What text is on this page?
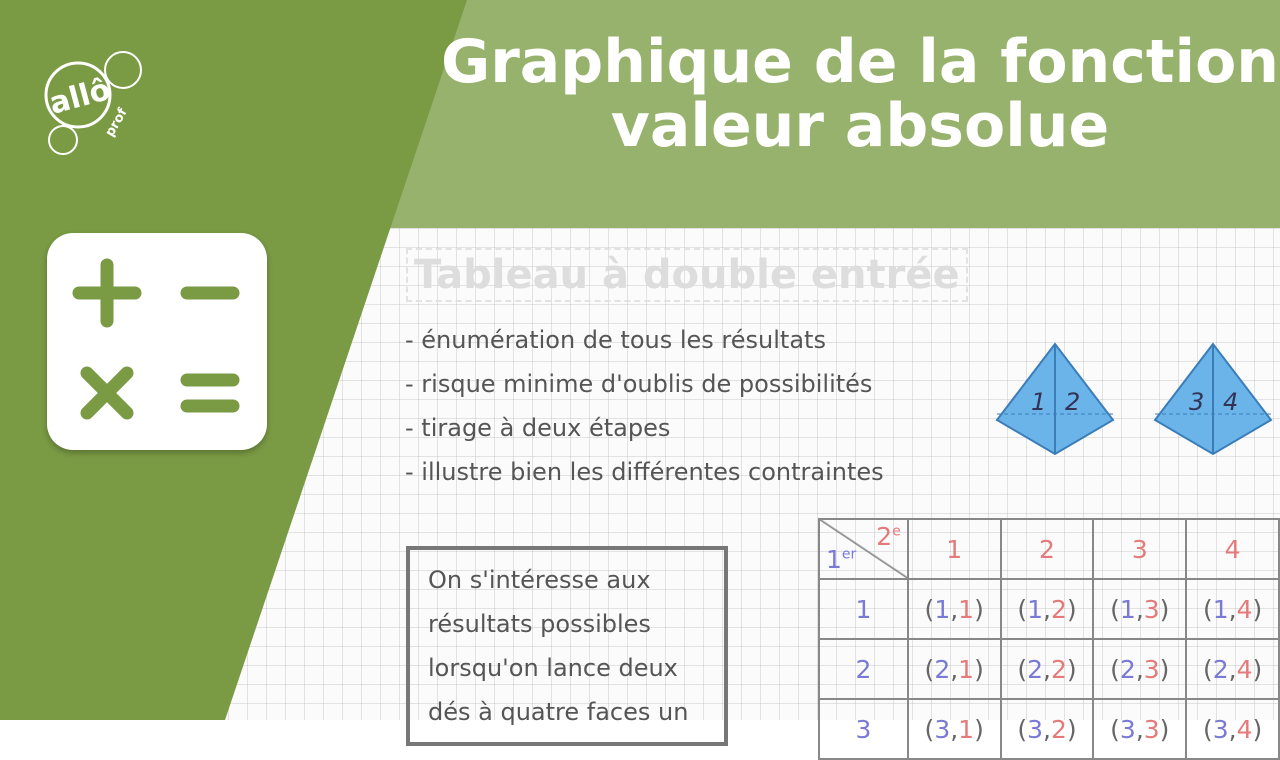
Tableau à double entrée
- énumération de tous les résultats
- risque minime d'oublis de possibilités
- tirage à deux étapes
- illustre bien les différentes contraintes
On s'intéresse aux
résultats possibles
lorsqu'on lance deux
dés à quatre faces un
1 2	3 4
1er
2e	1	2	3	4
1	(1,1)	(1,2)	(1,3)	(1,4)
2	(2,1)	(2,2)	(2,3)	(2,4)
3	(3,1)	(3,2)	(3,3)	(3,4)
Graphique de la fonction
valeur absolue
allô
prof
